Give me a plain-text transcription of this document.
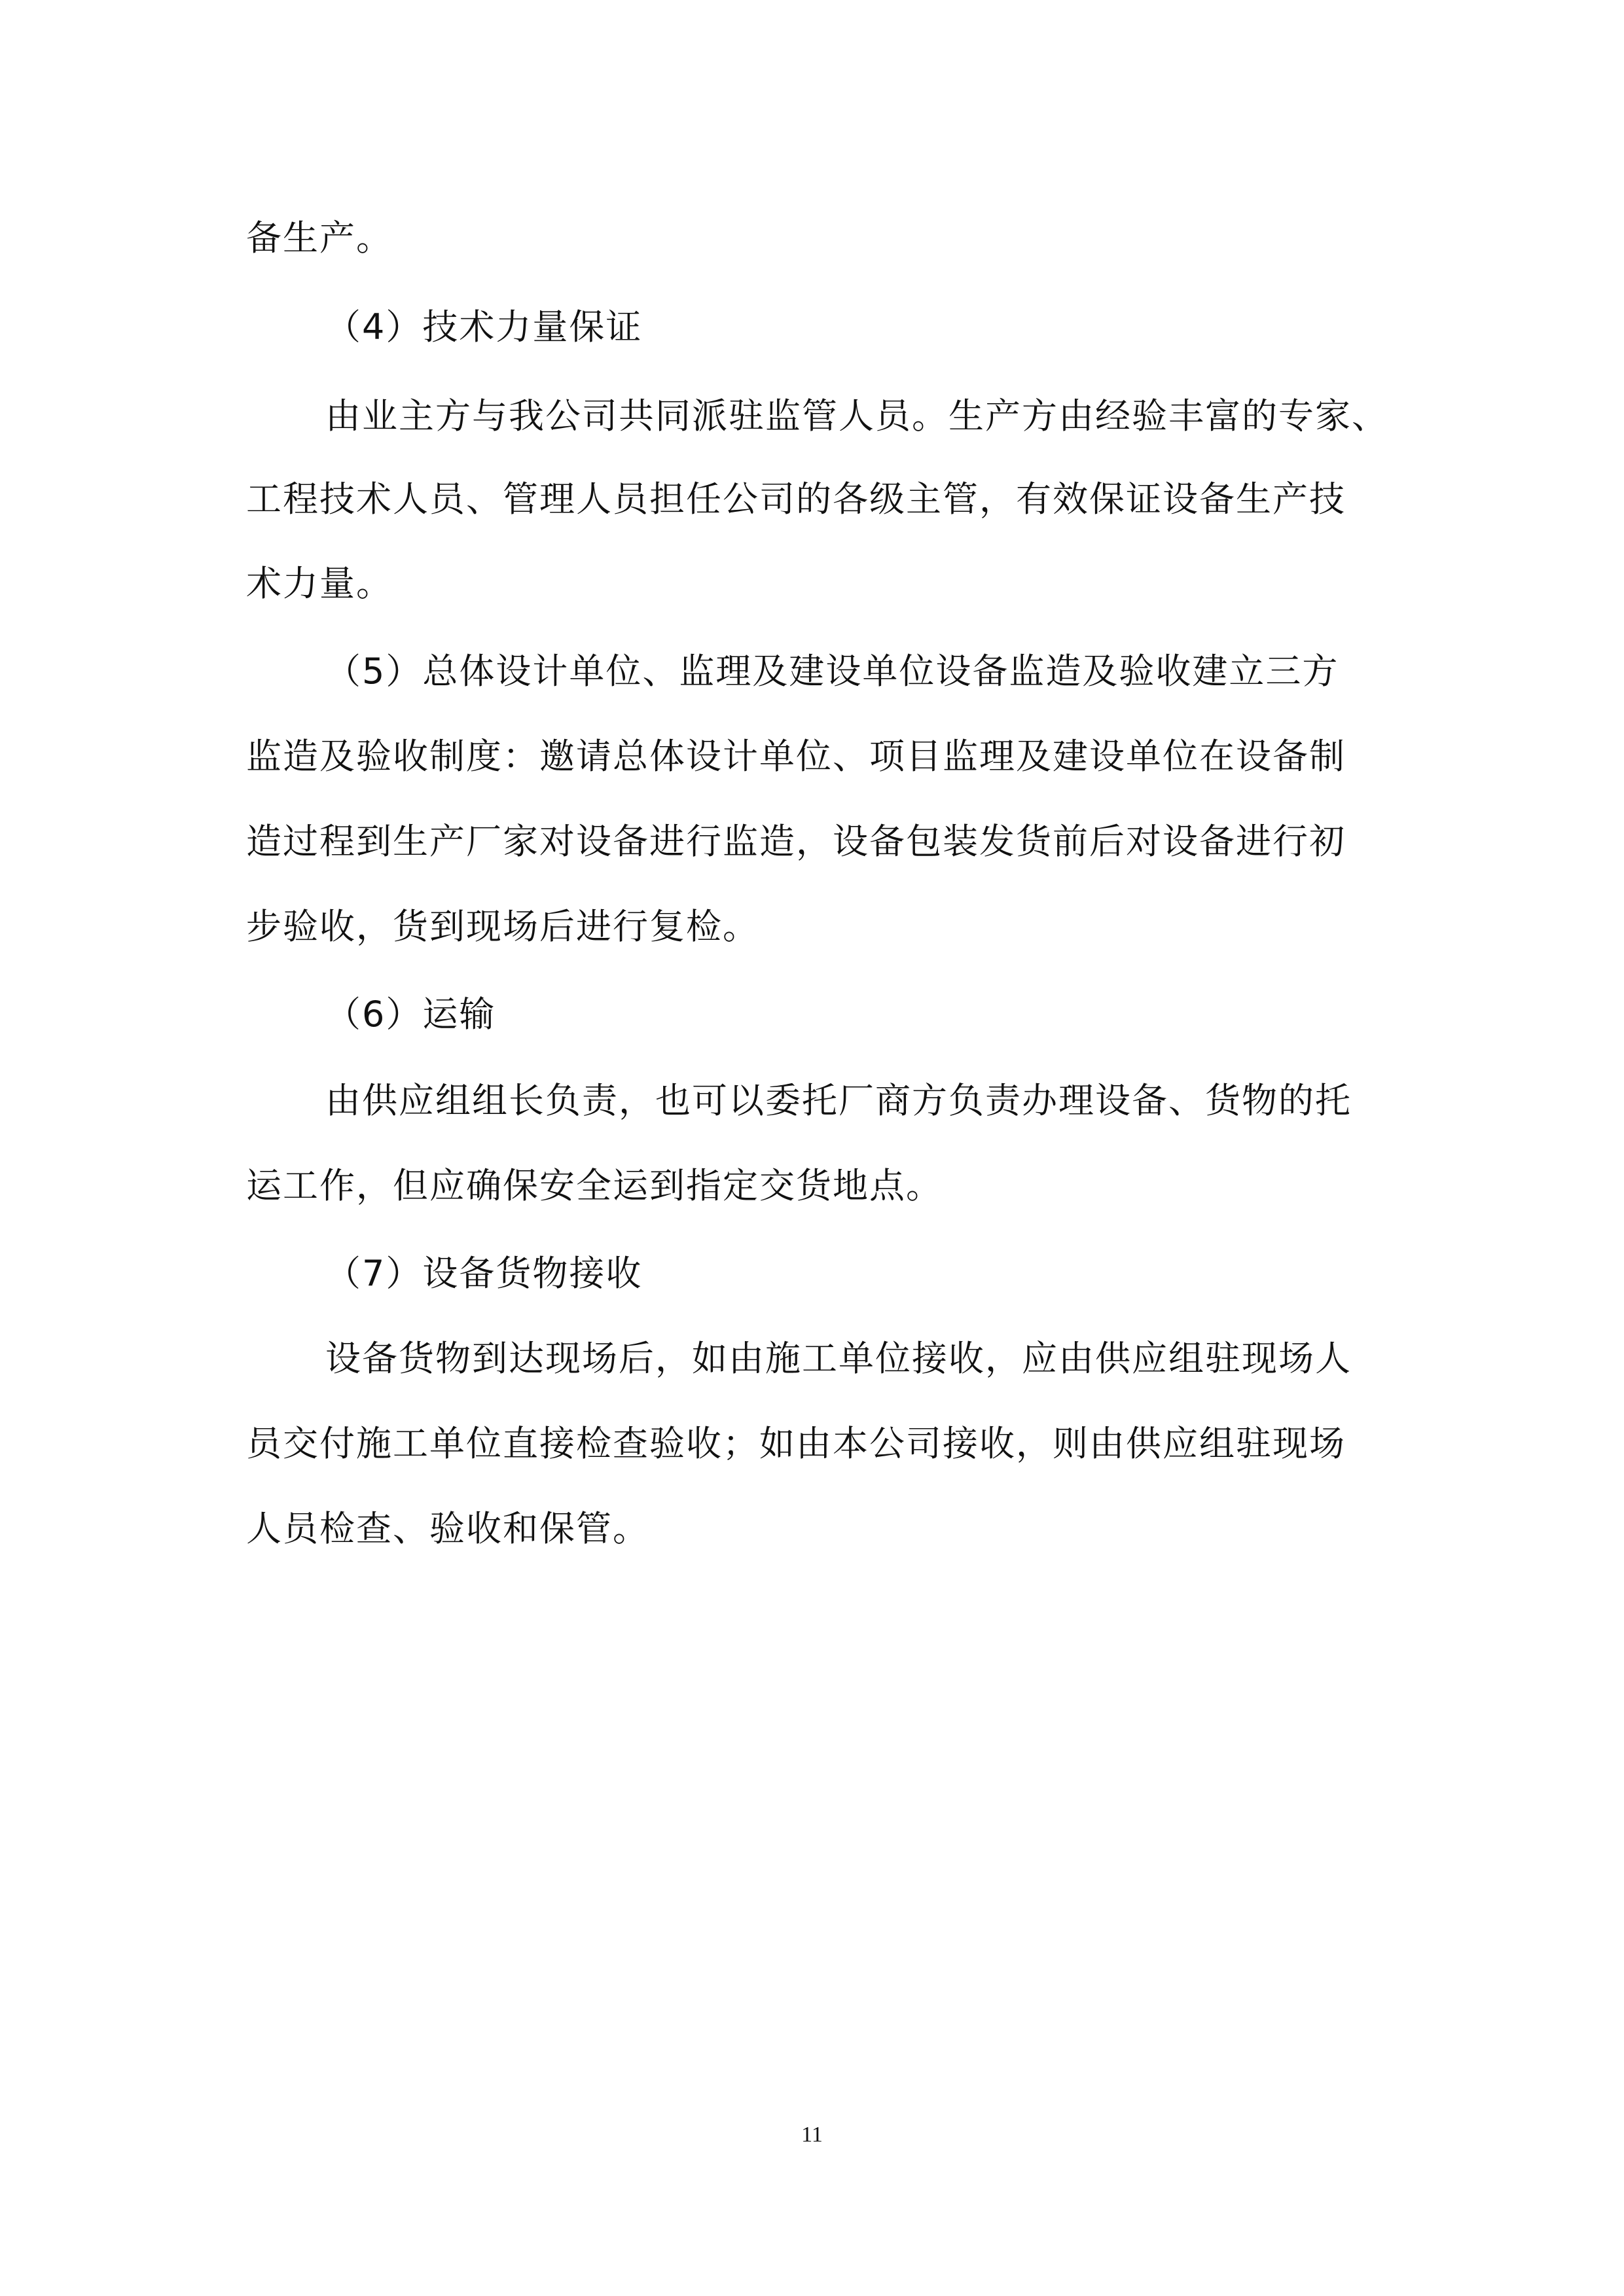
备生产。
（4）技术力量保证
由业主方与我公司共同派驻监管人员。生产方由经验丰富的专家、
工程技术人员、管理人员担任公司的各级主管，有效保证设备生产技
术力量。
（5）总体设计单位、监理及建设单位设备监造及验收建立三方
监造及验收制度：邀请总体设计单位、项目监理及建设单位在设备制
造过程到生产厂家对设备进行监造，设备包装发货前后对设备进行初
步验收，货到现场后进行复检。
（6）运输
由供应组组长负责，也可以委托厂商方负责办理设备、货物的托
运工作，但应确保安全运到指定交货地点。
（7）设备货物接收
设备货物到达现场后，如由施工单位接收，应由供应组驻现场人
员交付施工单位直接检查验收；如由本公司接收，则由供应组驻现场
人员检查、验收和保管。
11
